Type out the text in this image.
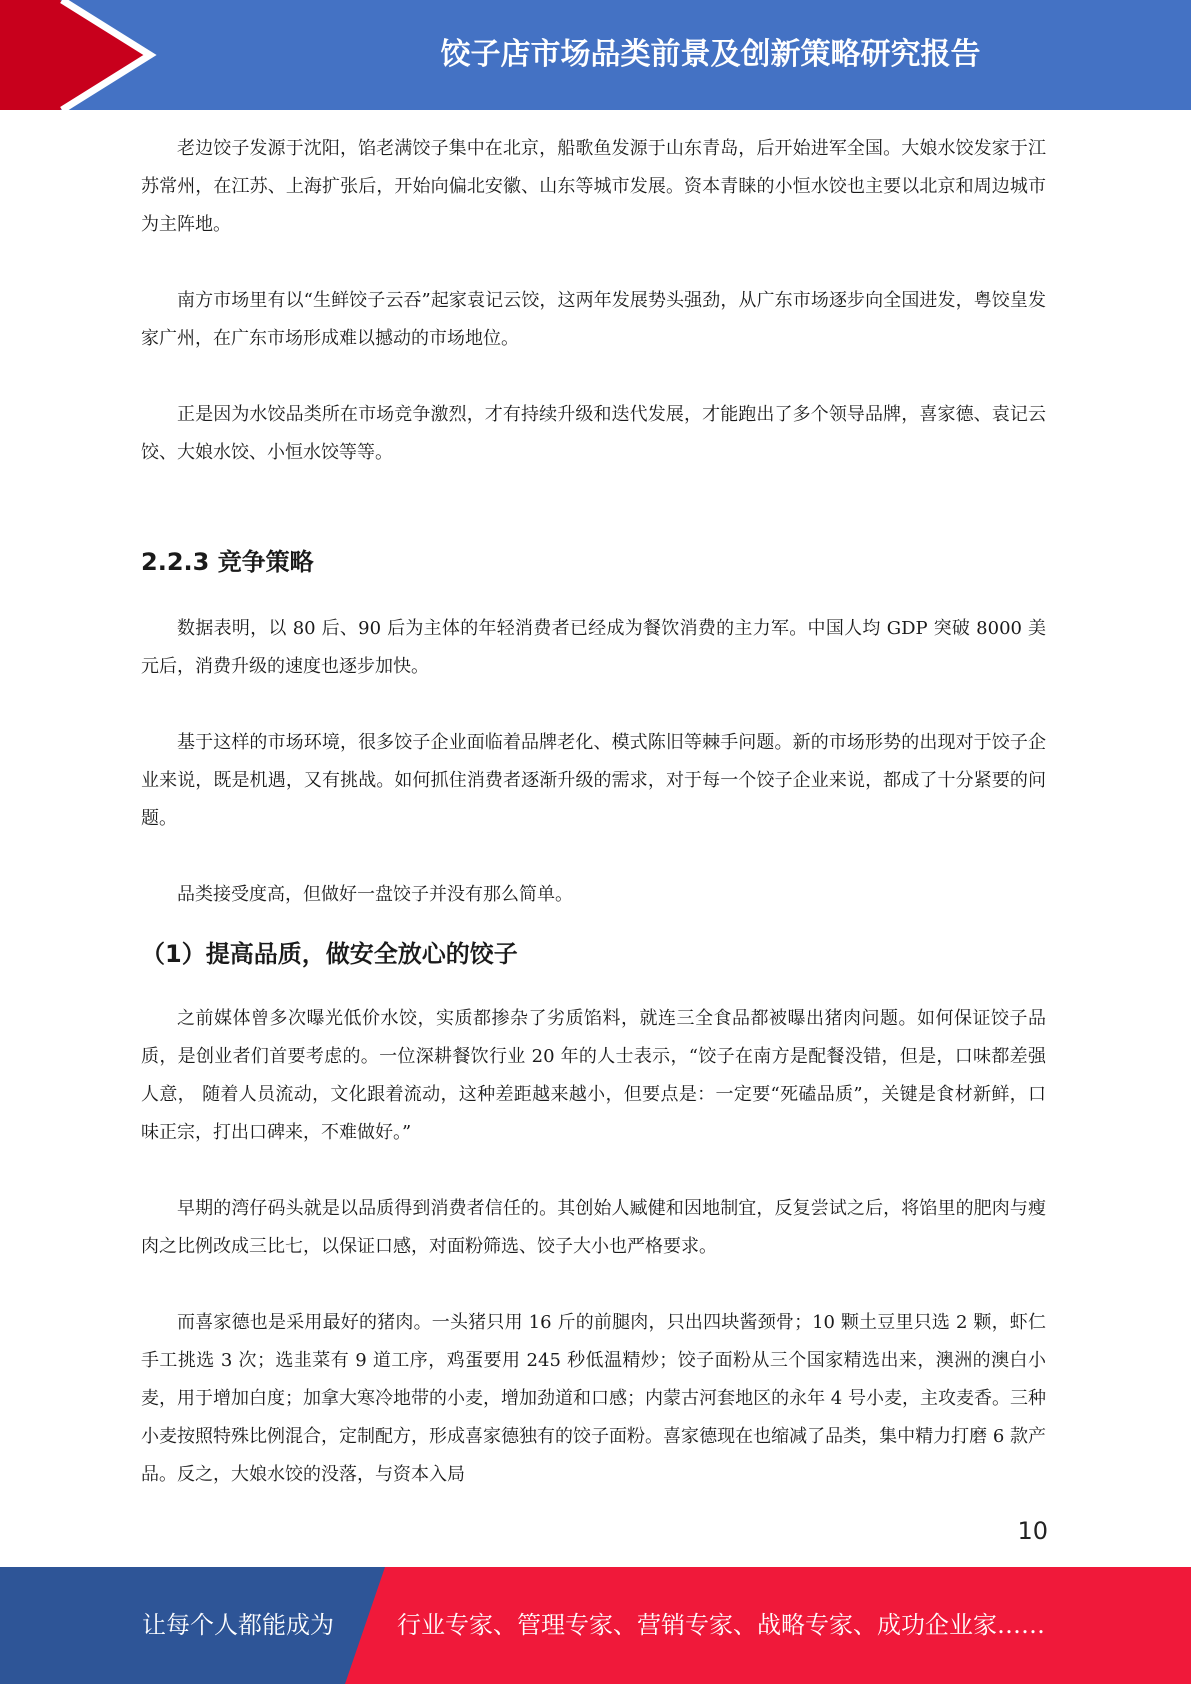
饺子店市场品类前景及创新策略研究报告

老边饺子发源于沈阳，馅老满饺子集中在北京，船歌鱼发源于山东青岛，后开始进军全国。大娘水饺发家于江苏常州，在江苏、上海扩张后，开始向偏北安徽、山东等城市发展。资本青睐的小恒水饺也主要以北京和周边城市为主阵地。

南方市场里有以“生鲜饺子云吞”起家袁记云饺，这两年发展势头强劲，从广东市场逐步向全国进发，粤饺皇发家广州，在广东市场形成难以撼动的市场地位。

正是因为水饺品类所在市场竞争激烈，才有持续升级和迭代发展，才能跑出了多个领导品牌，喜家德、袁记云饺、大娘水饺、小恒水饺等等。

2.2.3 竞争策略

数据表明，以 80 后、90 后为主体的年轻消费者已经成为餐饮消费的主力军。中国人均 GDP 突破 8000 美元后，消费升级的速度也逐步加快。

基于这样的市场环境，很多饺子企业面临着品牌老化、模式陈旧等棘手问题。新的市场形势的出现对于饺子企业来说，既是机遇，又有挑战。如何抓住消费者逐渐升级的需求，对于每一个饺子企业来说，都成了十分紧要的问题。

品类接受度高，但做好一盘饺子并没有那么简单。

（1）提高品质，做安全放心的饺子

之前媒体曾多次曝光低价水饺，实质都掺杂了劣质馅料，就连三全食品都被曝出猪肉问题。如何保证饺子品质，是创业者们首要考虑的。一位深耕餐饮行业 20 年的人士表示，“饺子在南方是配餐没错，但是，口味都差强人意， 随着人员流动，文化跟着流动，这种差距越来越小，但要点是：一定要“死磕品质”，关键是食材新鲜，口味正宗，打出口碑来，不难做好。”

早期的湾仔码头就是以品质得到消费者信任的。其创始人臧健和因地制宜，反复尝试之后，将馅里的肥肉与瘦肉之比例改成三比七，以保证口感，对面粉筛选、饺子大小也严格要求。

而喜家德也是采用最好的猪肉。一头猪只用 16 斤的前腿肉，只出四块酱颈骨；10 颗土豆里只选 2 颗，虾仁手工挑选 3 次；选韭菜有 9 道工序，鸡蛋要用 245 秒低温精炒；饺子面粉从三个国家精选出来，澳洲的澳白小麦，用于增加白度；加拿大寒冷地带的小麦，增加劲道和口感；内蒙古河套地区的永年 4 号小麦，主攻麦香。三种小麦按照特殊比例混合，定制配方，形成喜家德独有的饺子面粉。喜家德现在也缩减了品类，集中精力打磨 6 款产品。反之，大娘水饺的没落，与资本入局

10
让每个人都能成为	行业专家、管理专家、营销专家、战略专家、成功企业家……
